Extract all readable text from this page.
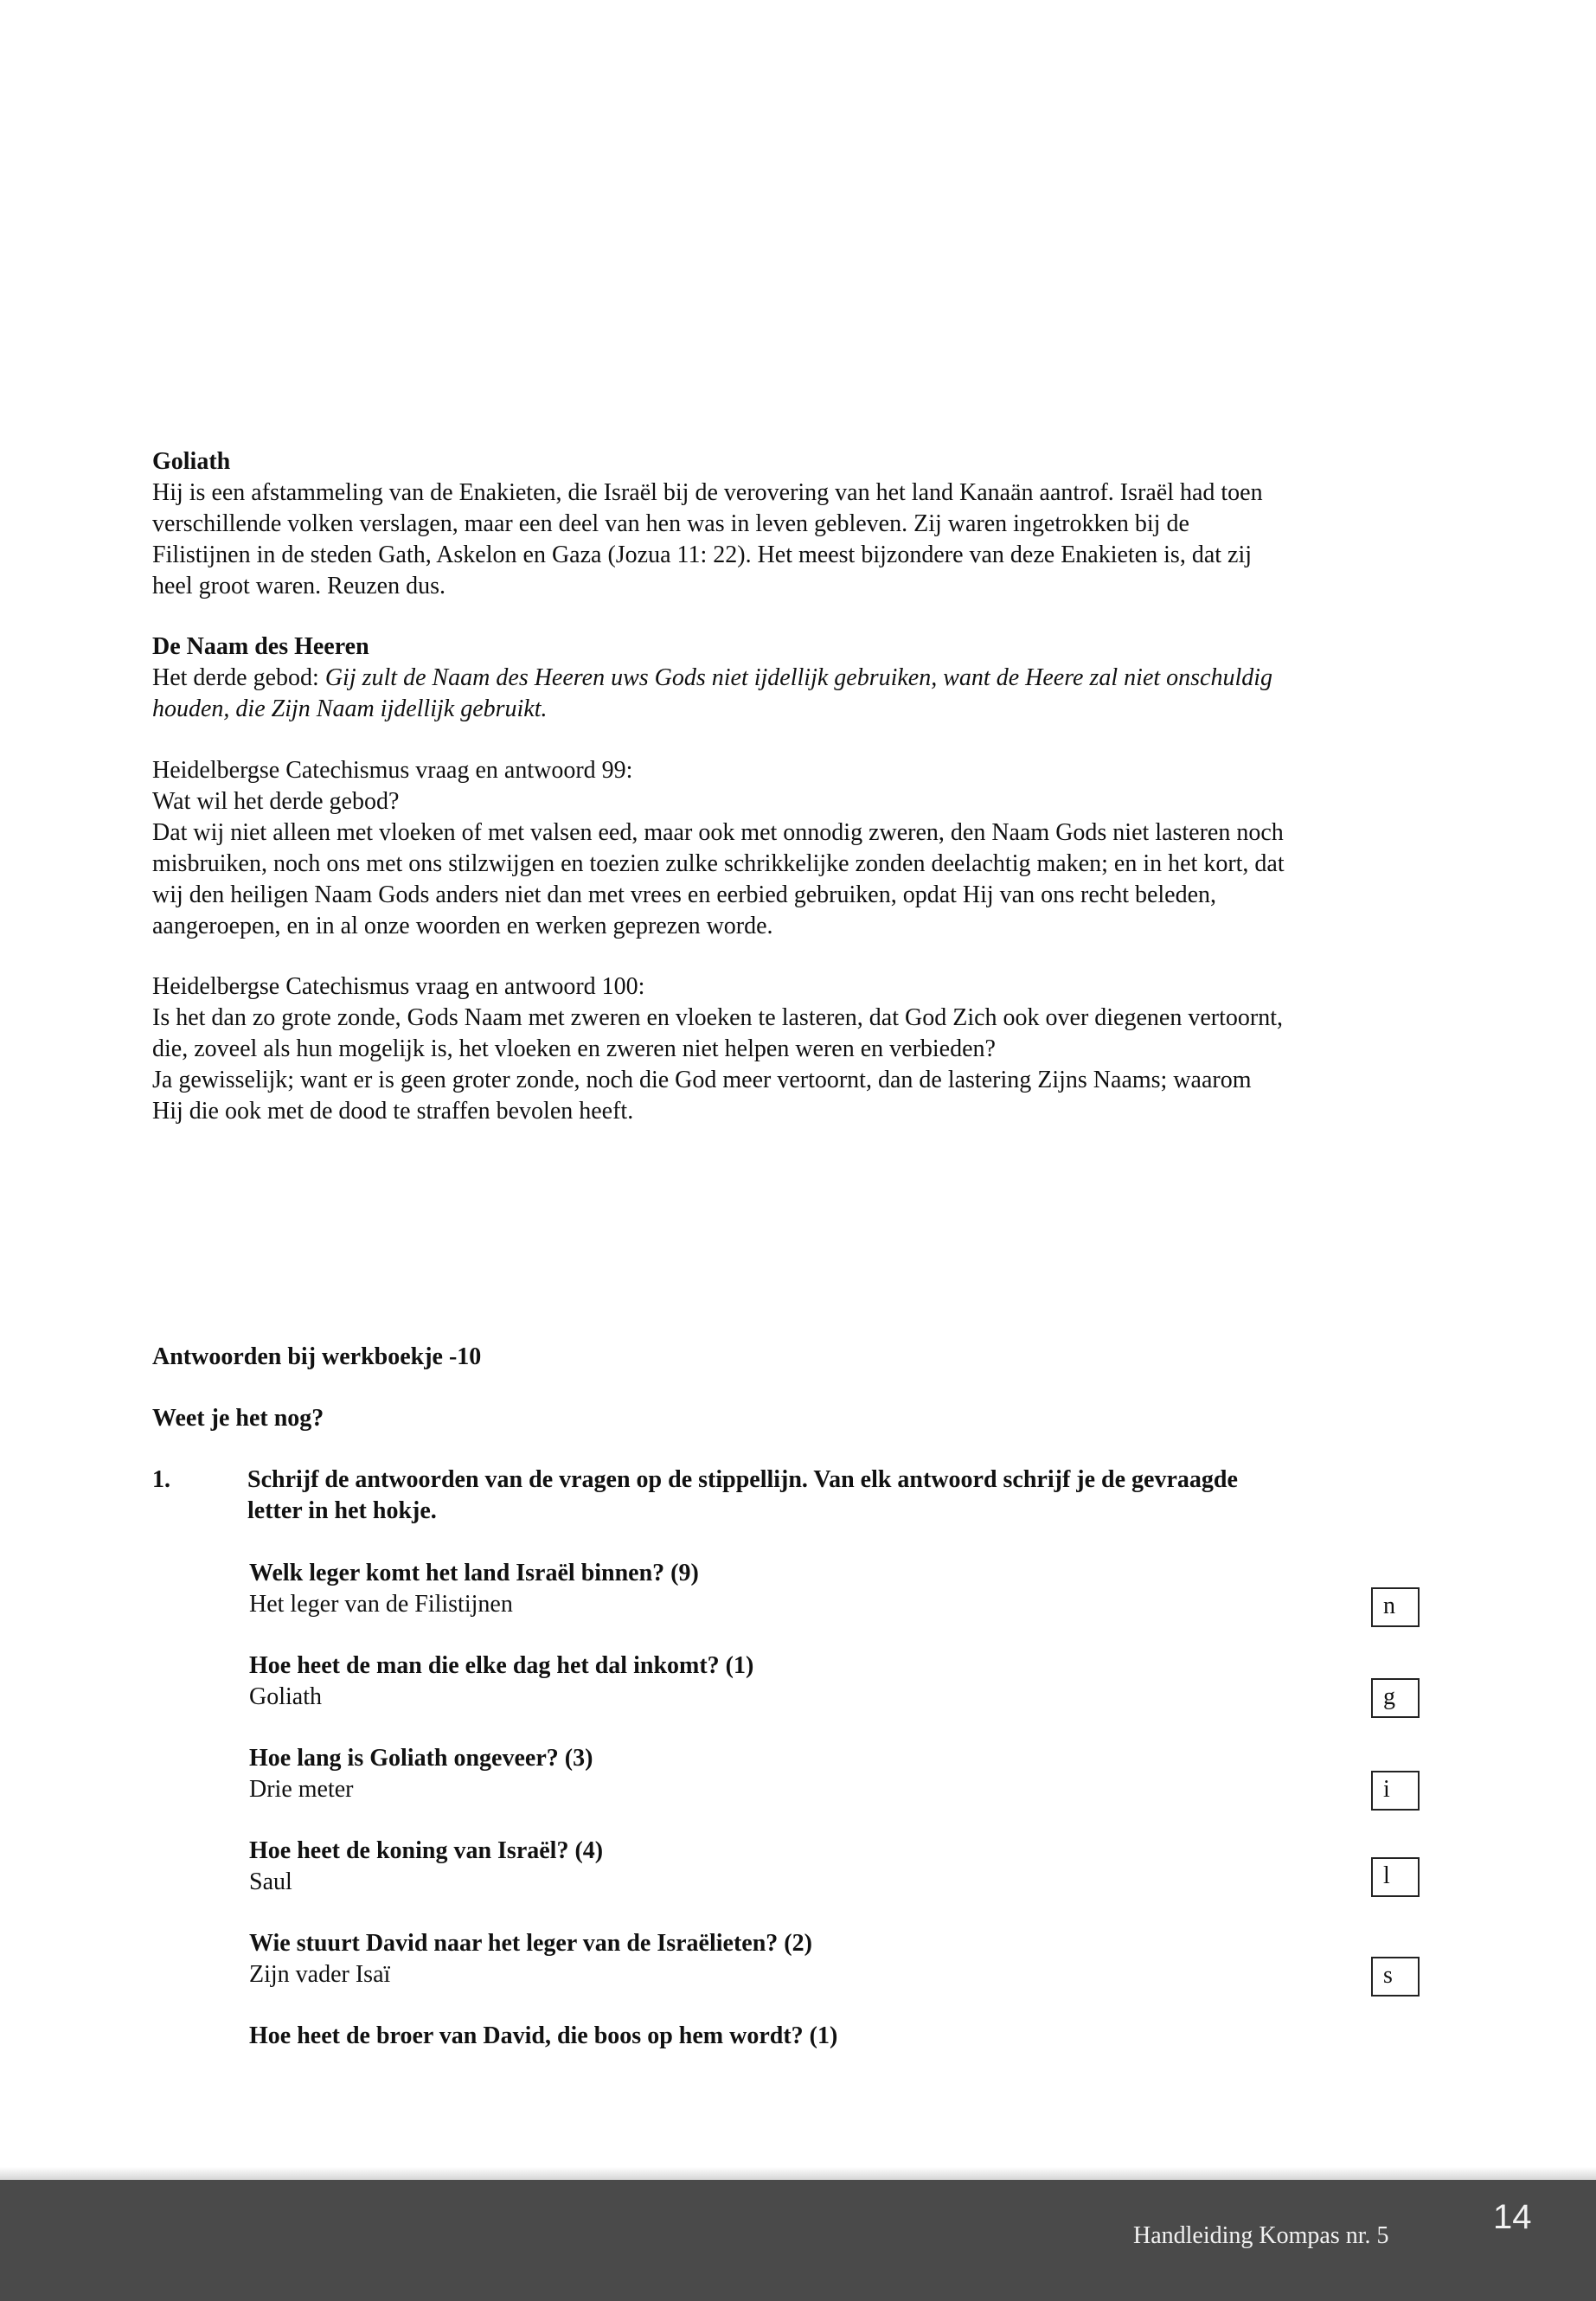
Goliath

Hij is een afstammeling van de Enakieten, die Israël bij de verovering van het land Kanaän aantrof. Israël had toen

verschillende volken verslagen, maar een deel van hen was in leven gebleven. Zij waren ingetrokken bij de

Filistijnen in de steden Gath, Askelon en Gaza (Jozua 11: 22). Het meest bijzondere van deze Enakieten is, dat zij

heel groot waren. Reuzen dus.

De Naam des Heeren

Het derde gebod: Gij zult de Naam des Heeren uws Gods niet ijdellijk gebruiken, want de Heere zal niet onschuldig

houden, die Zijn Naam ijdellijk gebruikt.

Heidelbergse Catechismus vraag en antwoord 99:

Wat wil het derde gebod?

Dat wij niet alleen met vloeken of met valsen eed, maar ook met onnodig zweren, den Naam Gods niet lasteren noch

misbruiken, noch ons met ons stilzwijgen en toezien zulke schrikkelijke zonden deelachtig maken; en in het kort, dat

wij den heiligen Naam Gods anders niet dan met vrees en eerbied gebruiken, opdat Hij van ons recht beleden,

aangeroepen, en in al onze woorden en werken geprezen worde.

Heidelbergse Catechismus vraag en antwoord 100:

Is het dan zo grote zonde, Gods Naam met zweren en vloeken te lasteren, dat God Zich ook over diegenen vertoornt,

die, zoveel als hun mogelijk is, het vloeken en zweren niet helpen weren en verbieden?

Ja gewisselijk; want er is geen groter zonde, noch die God meer vertoornt, dan de lastering Zijns Naams; waarom

Hij die ook met de dood te straffen bevolen heeft.

Antwoorden bij werkboekje -10
Weet je het nog?
1.	Schrijf de antwoorden van de vragen op de stippellijn. Van elk antwoord schrijf je de gevraagde

letter in het hokje.

Welk leger komt het land Israël binnen? (9)

Het leger van de Filistijnen	n

Hoe heet de man die elke dag het dal inkomt? (1)

Goliath	g

Hoe lang is Goliath ongeveer? (3)

Drie meter	i

Hoe heet de koning van Israël? (4)

Saul	l

Wie stuurt David naar het leger van de Israëlieten? (2)

Zijn vader Isaï	s

Hoe heet de broer van David, die boos op hem wordt? (1)

Handleiding Kompas nr. 5	14
